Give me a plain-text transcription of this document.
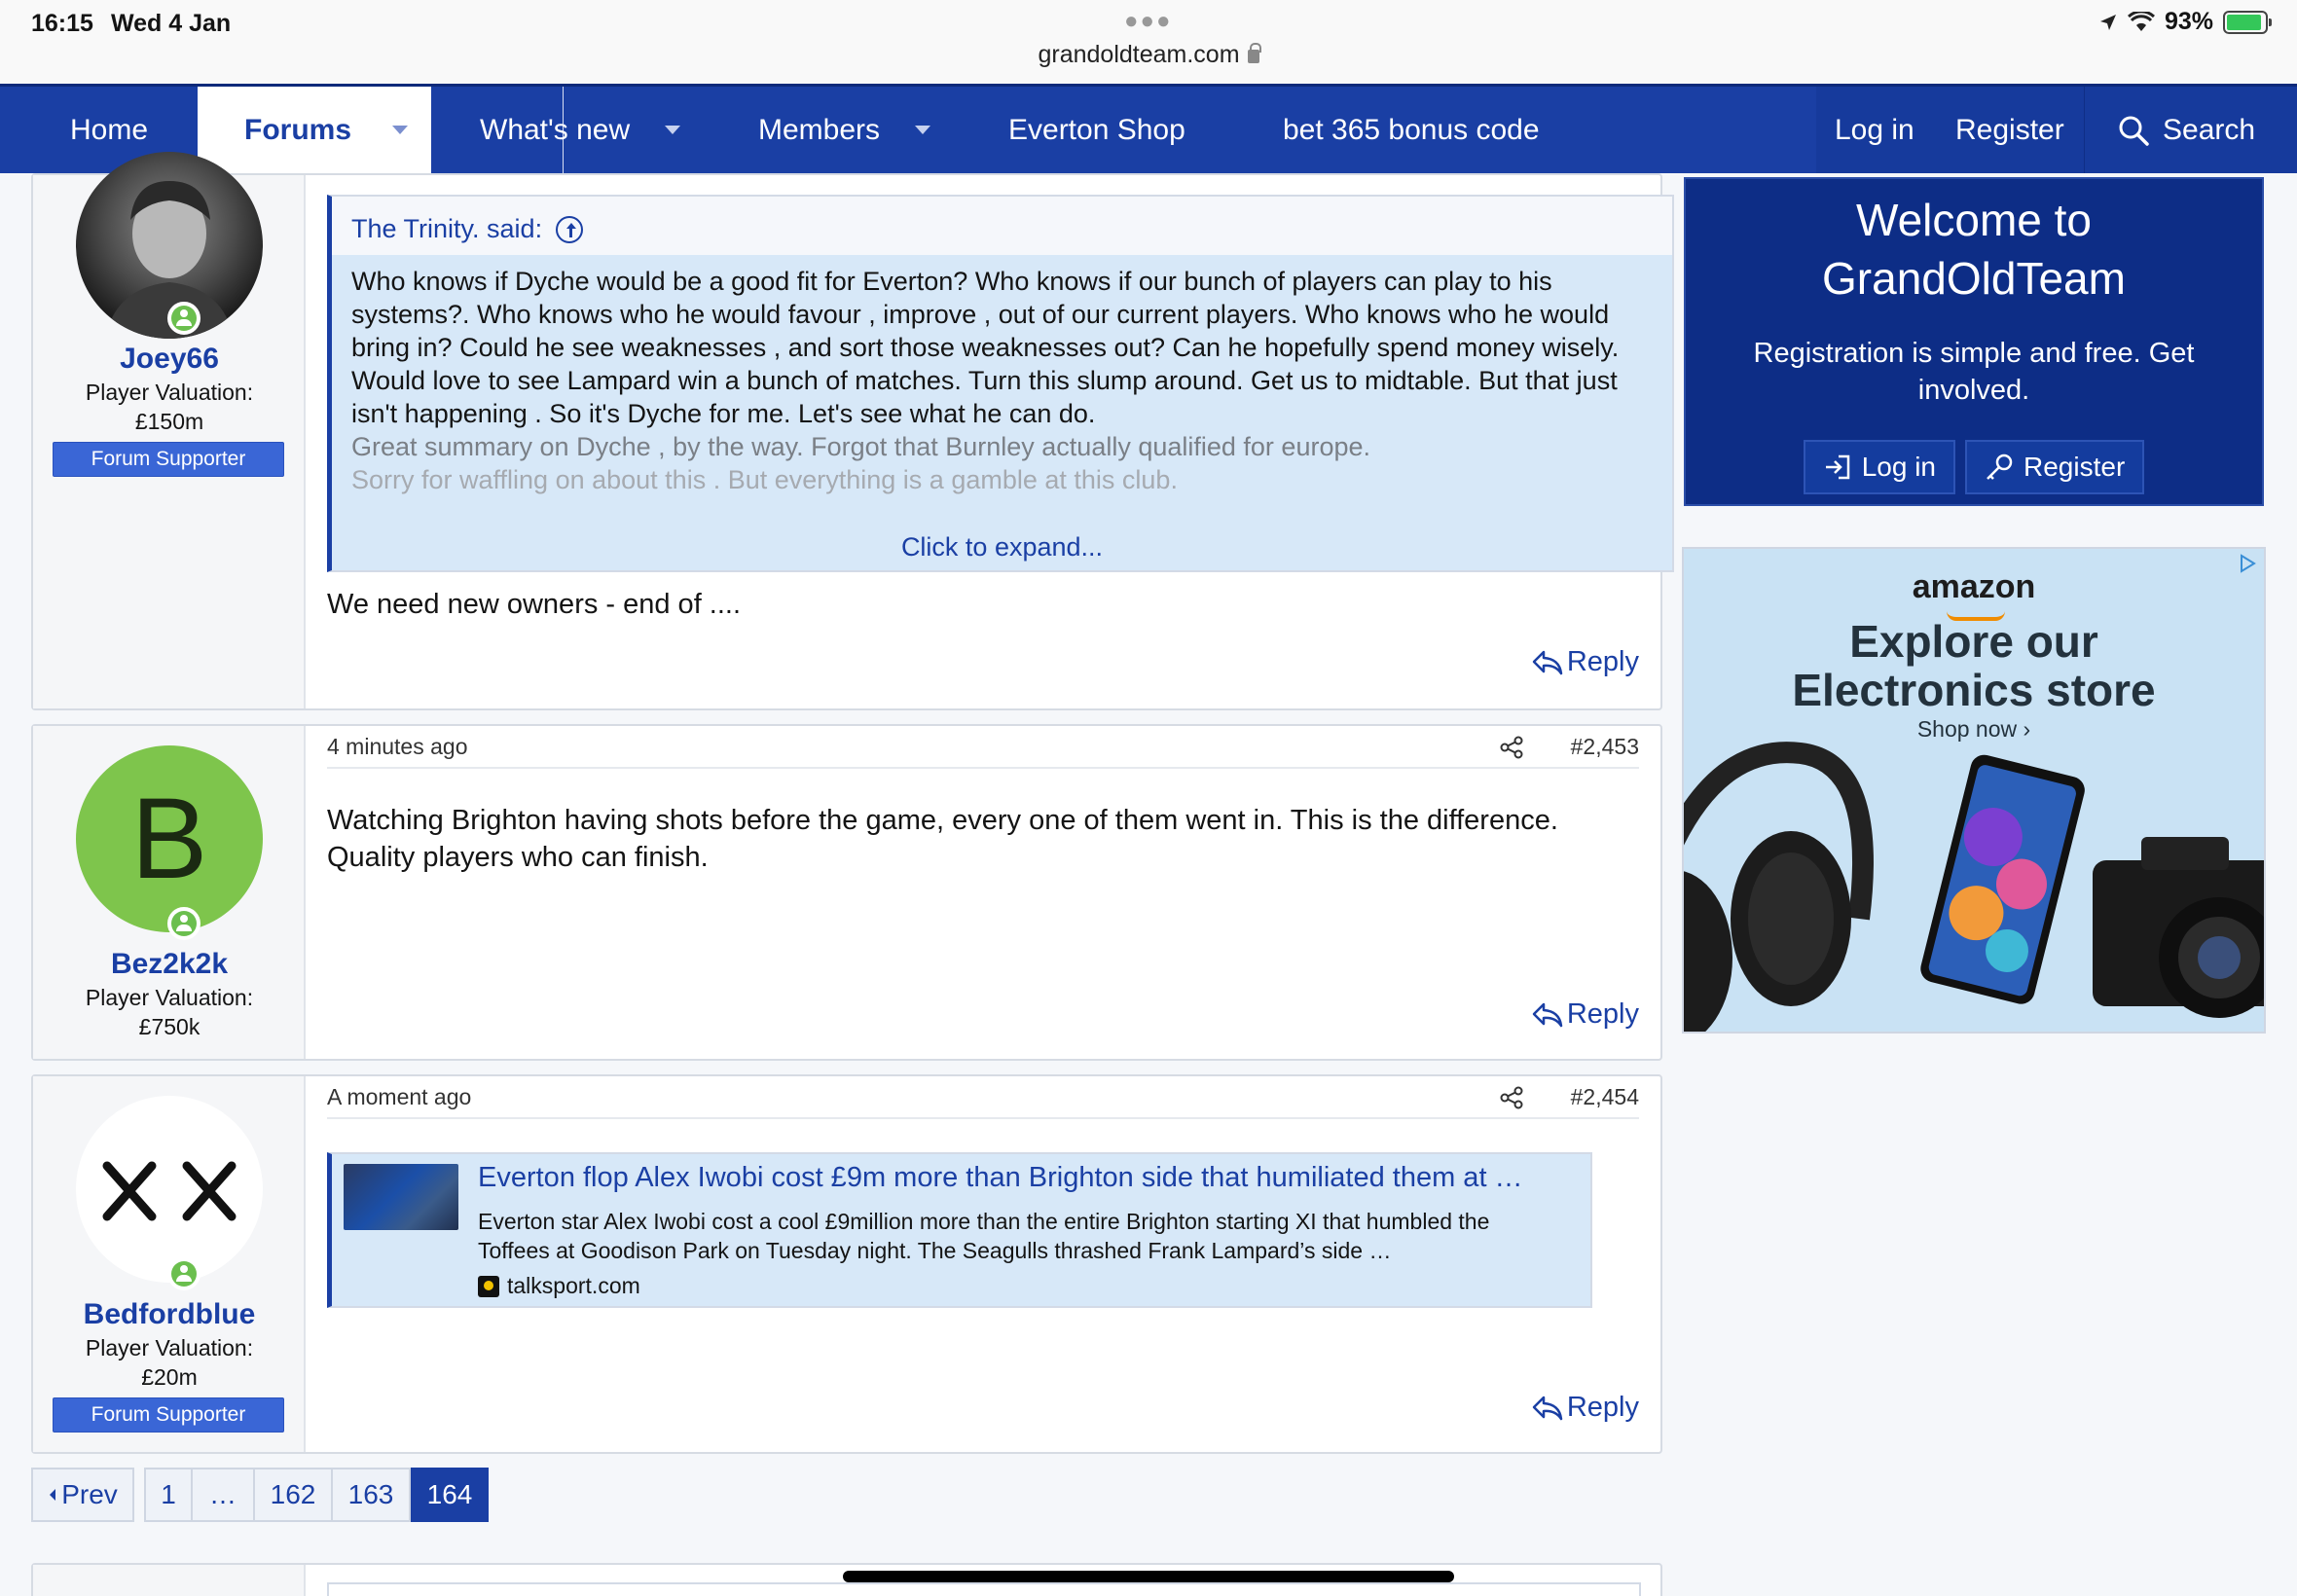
16:15 Wed 4 Jan	●●●
grandoldteam.com
93%
Home	Forums	What's new	Members	Everton Shop	bet 365 bonus code	Log in Register	Search
Joey66
Player Valuation:
£150m
Forum Supporter
The Trinity. said:

Who knows if Dyche would be a good fit for Everton? Who knows if our bunch of players can play to his systems?. Who knows who he would favour , improve , out of our current players. Who knows who he would bring in? Could he see weaknesses , and sort those weaknesses out? Can he hopefully spend money wisely.

Would love to see Lampard win a bunch of matches. Turn this slump around. Get us to midtable. But that just isn't happening . So it's Dyche for me. Let's see what he can do.

Great summary on Dyche , by the way. Forgot that Burnley actually qualified for europe.

Sorry for waffling on about this . But everything is a gamble at this club.

Click to expand...
We need new owners - end of ....
Reply
B
Bez2k2k
Player Valuation:
£750k
4 minutes ago	#2,453
Watching Brighton having shots before the game, every one of them went in. This is the difference. Quality players who can finish.
Reply
Bedfordblue
Player Valuation:
£20m
Forum Supporter
A moment ago	#2,454
Everton flop Alex Iwobi cost £9m more than Brighton side that humiliated them at …
Everton star Alex Iwobi cost a cool £9million more than the entire Brighton starting XI that humbled the Toffees at Goodison Park on Tuesday night. The Seagulls thrashed Frank Lampard’s side …
talksport.com
Reply
Prev	1	…	162	163	164
Welcome to
GrandOldTeam

Registration is simple and free. Get involved.

Log in	Register
amazon
Explore our
Electronics store
Shop now ›
